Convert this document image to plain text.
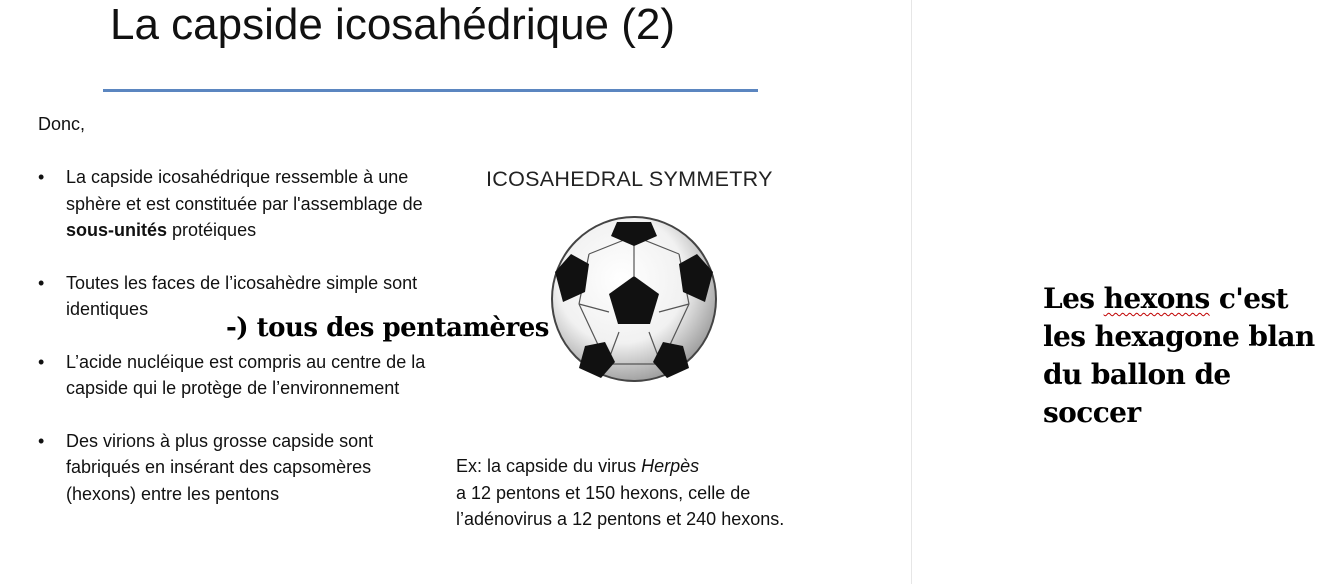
La capside icosahédrique (2)
Donc,
• La capside icosahédrique ressemble à une sphère et est constituée par l'assemblage de sous-unités protéiques
• Toutes les faces de l’icosahèdre simple sont identiques
• L’acide nucléique est compris au centre de la capside qui le protège de l’environnement
• Des virions à plus grosse capside sont fabriqués en insérant des capsomères (hexons) entre les pentons
ICOSAHEDRAL SYMMETRY
-) tous des pentamères
Ex: la capside du virus Herpès
a 12 pentons et 150 hexons, celle de
l’adénovirus a 12 pentons et 240 hexons.
Les hexons c'est
les hexagone blan
du ballon de
soccer
